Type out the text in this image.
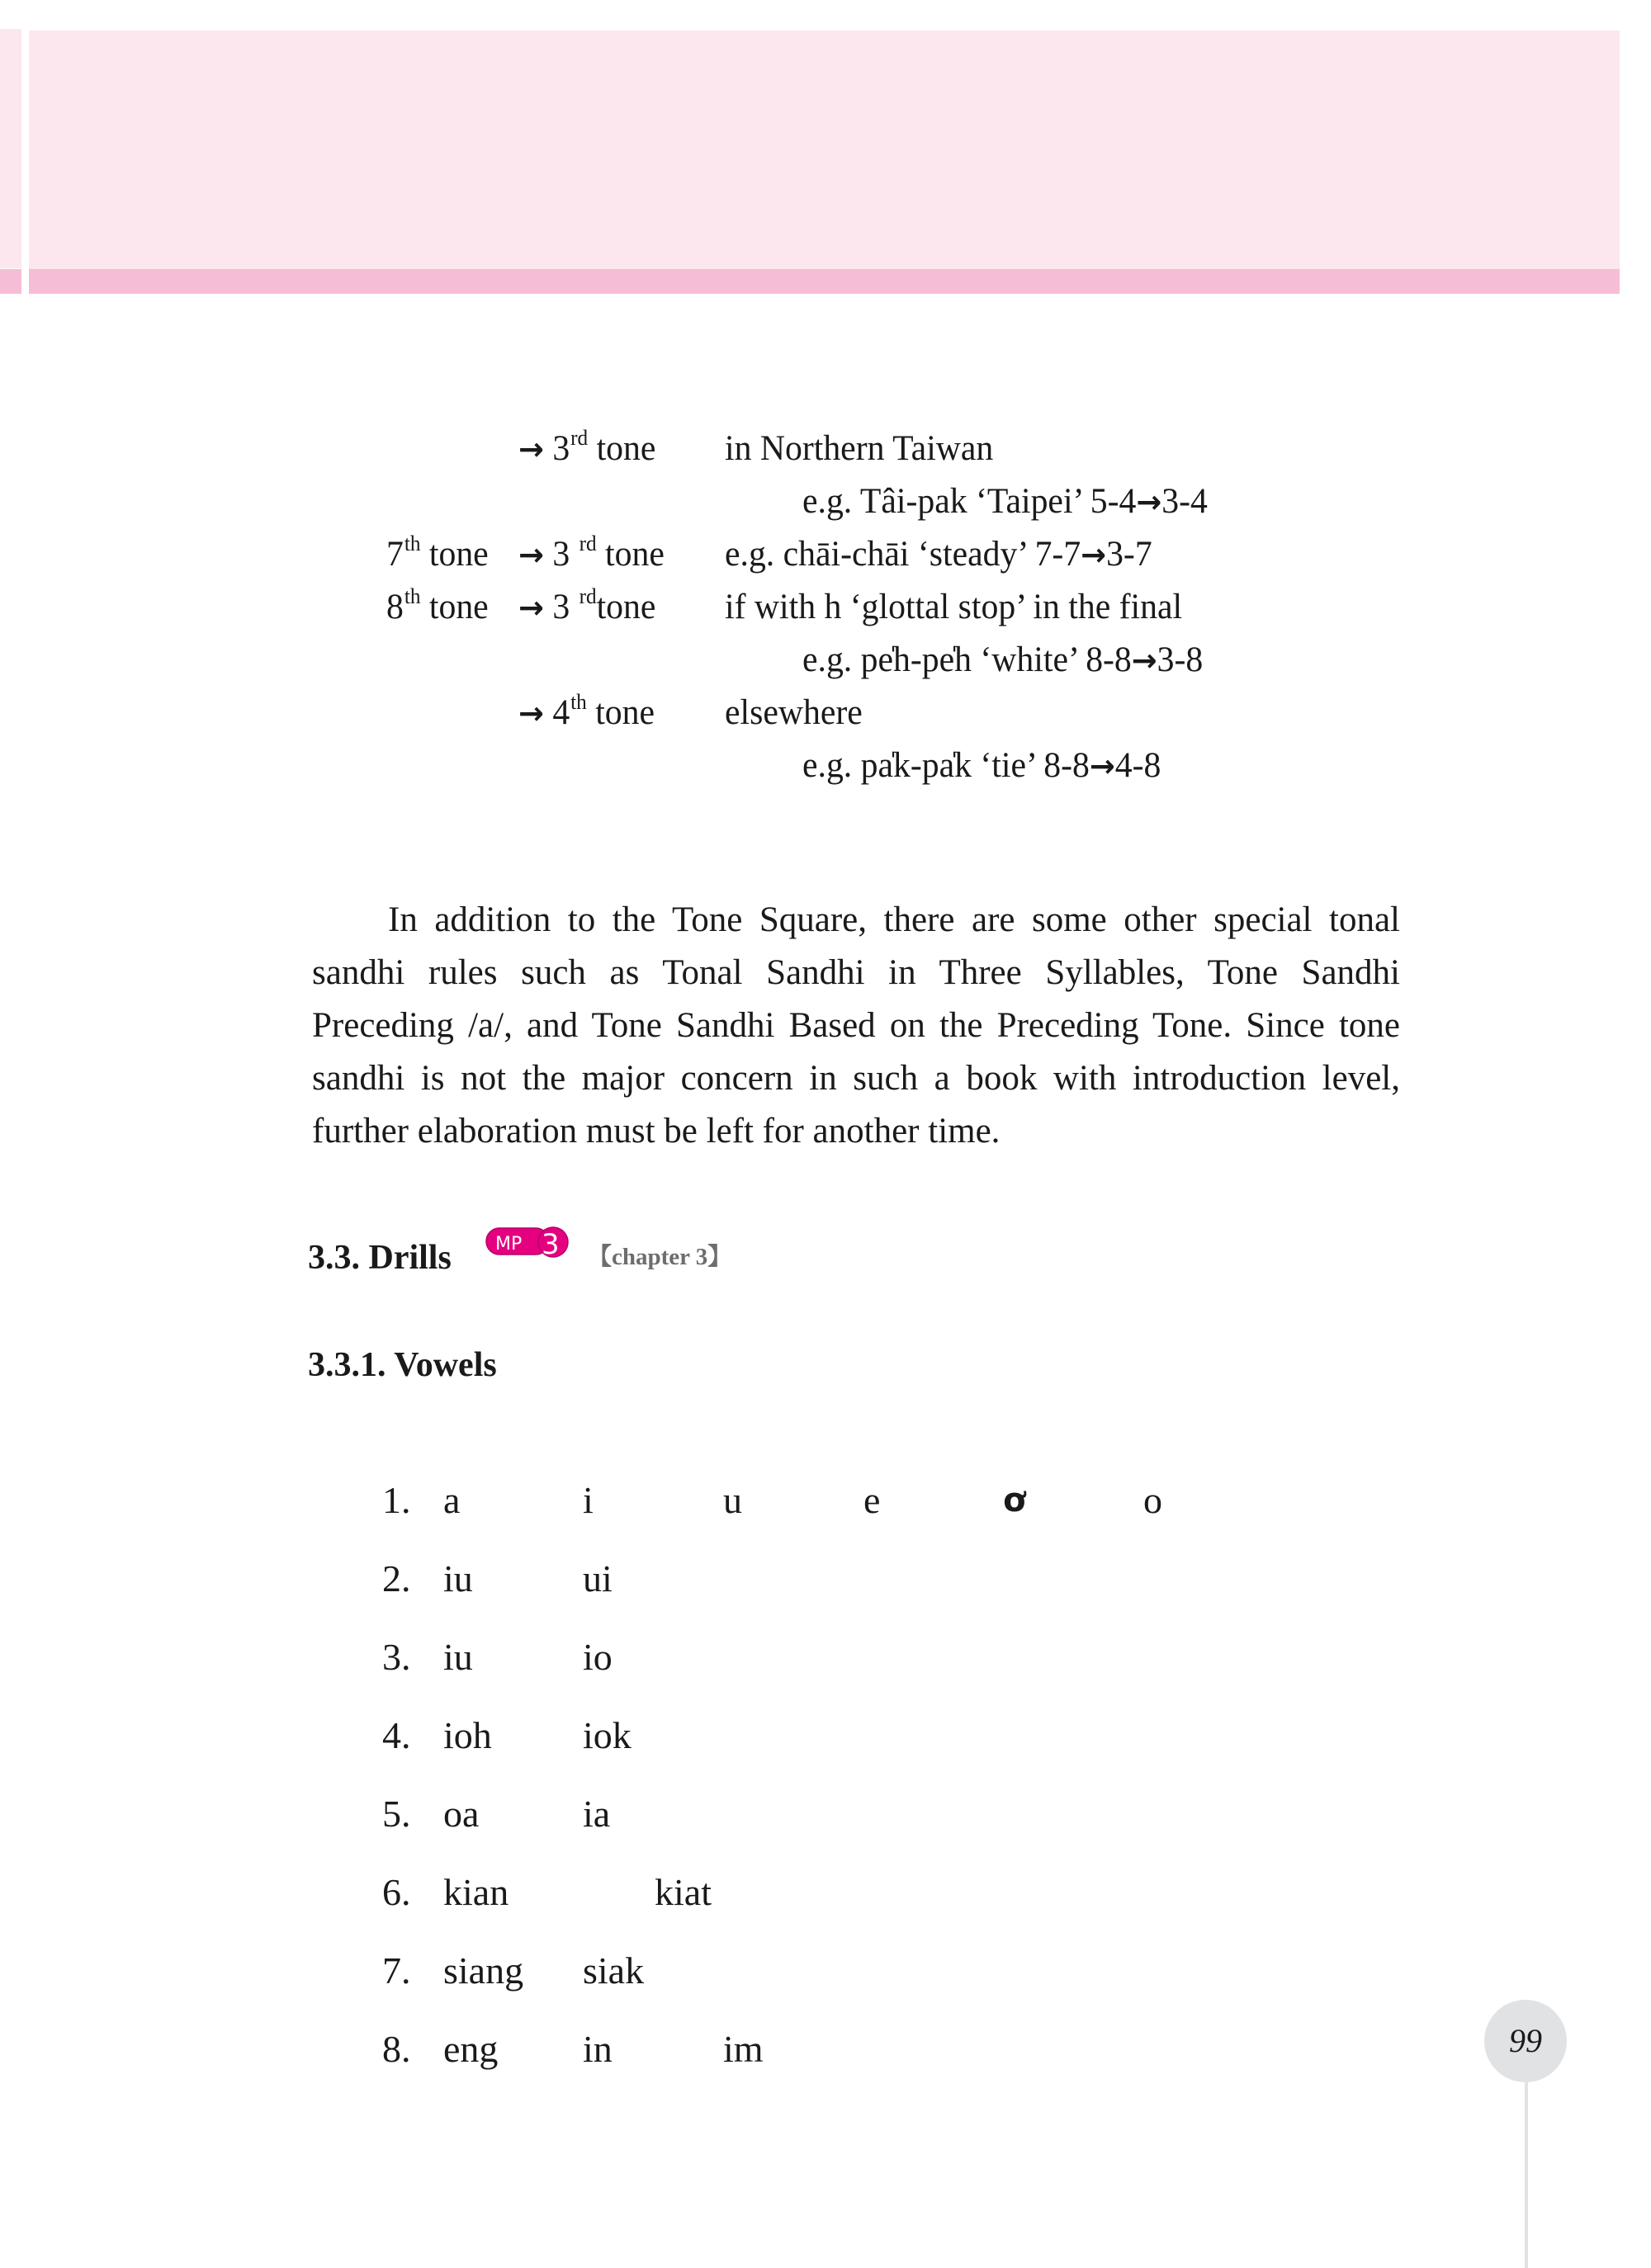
→ 3rd tone in Northern Taiwan
e.g. Tâi-pak ‘Taipei’ 5-4→3-4
7th tone → 3 $^{rd}$ tone e.g. chāi-chāi ‘steady’ 7-7→3-7
8th tone → 3 $^{rd}$tone if with h ‘glottal stop’ in the final
e.g. pe̍h-pe̍h ‘white’ 8-8→3-8
→ 4th tone elsewhere
e.g. pa̍k-pa̍k ‘tie’ 8-8→4-8

In addition to the Tone Square, there are some other special tonal sandhi rules such as Tonal Sandhi in Three Syllables, Tone Sandhi Preceding /a/, and Tone Sandhi Based on the Preceding Tone. Since tone sandhi is not the major concern in such a book with introduction level, further elaboration must be left for another time.

3.3. Drills MP 3 【chapter 3】
3.3.1. Vowels
1. a	i	u	e	ơ	o
2. iu	ui
3. iu	io
4. ioh iok
5. oa	ia
6. kian	kiat
7. siang siak
8. eng in	im	99
